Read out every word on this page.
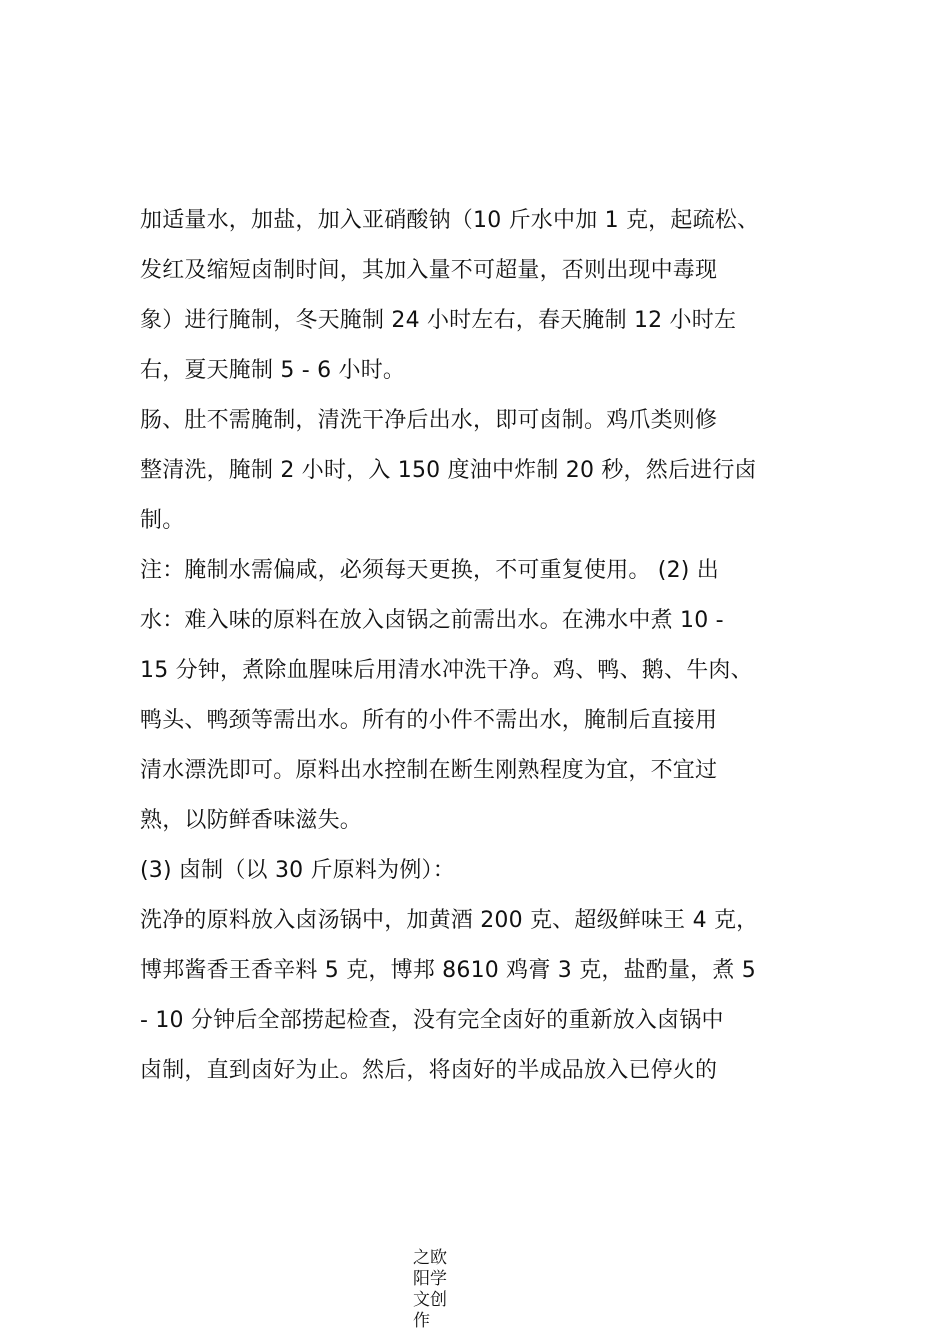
加适量水，加盐，加入亚硝酸钠（10 斤水中加 1 克，起疏松、
发红及缩短卤制时间，其加入量不可超量，否则出现中毒现
象）进行腌制，冬天腌制 24 小时左右，春天腌制 12 小时左
右，夏天腌制 5 - 6 小时。
肠、肚不需腌制，清洗干净后出水，即可卤制。鸡爪类则修
整清洗，腌制 2 小时，入 150 度油中炸制 20 秒，然后进行卤
制。
注：腌制水需偏咸，必须每天更换，不可重复使用。 (2) 出
水：难入味的原料在放入卤锅之前需出水。在沸水中煮 10 -
15 分钟，煮除血腥味后用清水冲洗干净。鸡、鸭、鹅、牛肉、
鸭头、鸭颈等需出水。所有的小件不需出水，腌制后直接用
清水漂洗即可。原料出水控制在断生刚熟程度为宜，不宜过
熟，以防鲜香味滋失。
(3) 卤制（以 30 斤原料为例）：
洗净的原料放入卤汤锅中，加黄酒 200 克、超级鲜味王 4 克，
博邦酱香王香辛料 5 克，博邦 8610 鸡膏 3 克，盐酌量，煮 5
- 10 分钟后全部捞起检查，没有完全卤好的重新放入卤锅中
卤制，直到卤好为止。然后，将卤好的半成品放入已停火的
之欧
阳学
文创
作
